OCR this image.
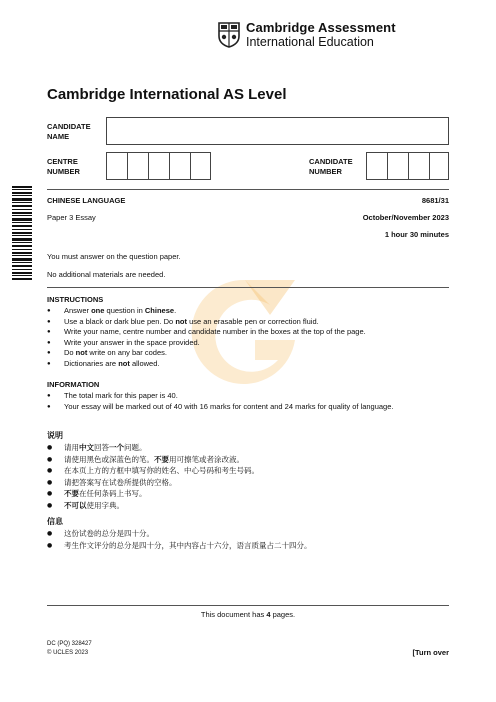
Cambridge Assessment
International Education
Cambridge International AS Level
CANDIDATE
NAME
CENTRE
NUMBER
CANDIDATE
NUMBER
CHINESE LANGUAGE	8681/31
Paper 3 Essay	October/November 2023
1 hour 30 minutes
You must answer on the question paper.
No additional materials are needed.
INSTRUCTIONS
● Answer one question in Chinese.
● Use a black or dark blue pen. Do not use an erasable pen or correction fluid.
● Write your name, centre number and candidate number in the boxes at the top of the page.
● Write your answer in the space provided.
● Do not write on any bar codes.
● Dictionaries are not allowed.
INFORMATION
● The total mark for this paper is 40.
● Your essay will be marked out of 40 with 16 marks for content and 24 marks for quality of language.
说明
● 请用中文回答一个问题。
● 请使用黑色或深蓝色的笔。不要用可擦笔或者涂改液。
● 在本页上方的方框中填写你的姓名、中心号码和考生号码。
● 请把答案写在试卷所提供的空格。
● 不要在任何条码上书写。
● 不可以使用字典。
信息
● 这份试卷的总分是四十分。
● 考生作文评分的总分是四十分，其中内容占十六分，语言质量占二十四分。
This document has 4 pages.
DC (PQ) 328427
© UCLES 2023	[Turn over
